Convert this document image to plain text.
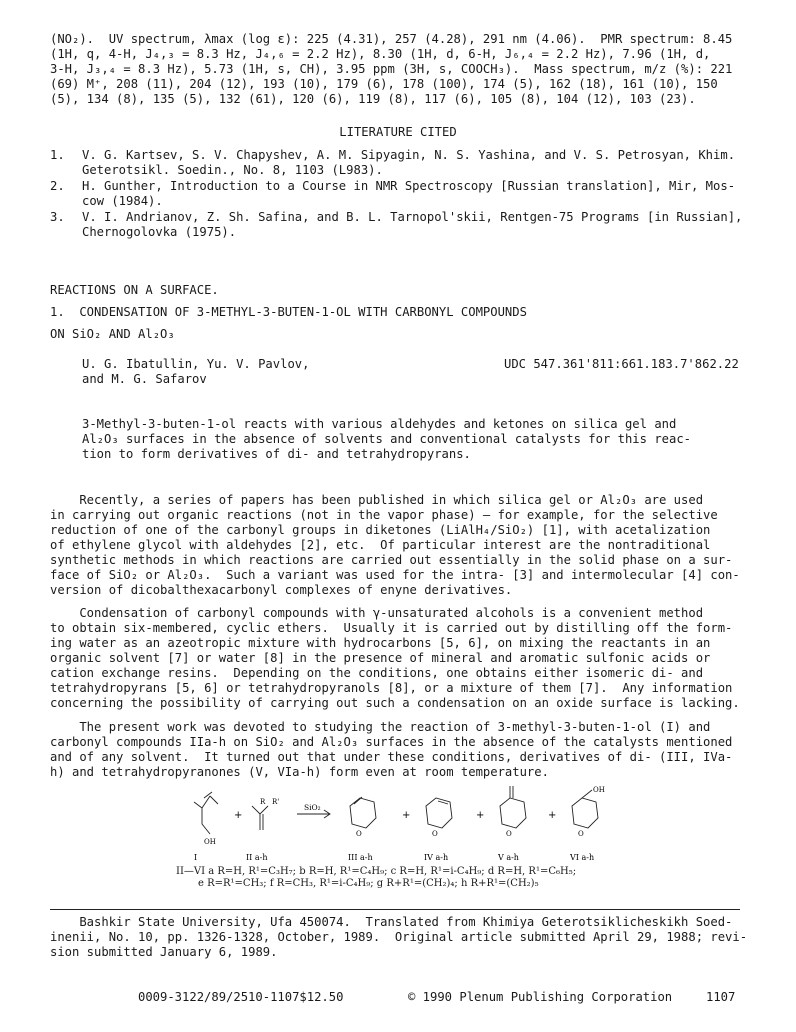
(NO₂).  UV spectrum, λmax (log ε): 225 (4.31), 257 (4.28), 291 nm (4.06).  PMR spectrum: 8.45
(1H, q, 4-H, J₄,₃ = 8.3 Hz, J₄,₆ = 2.2 Hz), 8.30 (1H, d, 6-H, J₆,₄ = 2.2 Hz), 7.96 (1H, d,
3-H, J₃,₄ = 8.3 Hz), 5.73 (1H, s, CH), 3.95 ppm (3H, s, COOCH₃).  Mass spectrum, m/z (%): 221
(69) M⁺, 208 (11), 204 (12), 193 (10), 179 (6), 178 (100), 174 (5), 162 (18), 161 (10), 150
(5), 134 (8), 135 (5), 132 (61), 120 (6), 119 (8), 117 (6), 105 (8), 104 (12), 103 (23).
LITERATURE CITED
1. V. G. Kartsev, S. V. Chapyshev, A. M. Sipyagin, N. S. Yashina, and V. S. Petrosyan, Khim.
Geterotsikl. Soedin., No. 8, 1103 (L983).
2. H. Gunther, Introduction to a Course in NMR Spectroscopy [Russian translation], Mir, Mos-
cow (1984).
3. V. I. Andrianov, Z. Sh. Safina, and B. L. Tarnopol'skii, Rentgen-75 Programs [in Russian],
Chernogolovka (1975).
REACTIONS ON A SURFACE.
1.  CONDENSATION OF 3-METHYL-3-BUTEN-1-OL WITH CARBONYL COMPOUNDS
ON SiO₂ AND Al₂O₃
U. G. Ibatullin, Yu. V. Pavlov,	UDC 547.361'811:661.183.7'862.22
and M. G. Safarov
3-Methyl-3-buten-1-ol reacts with various aldehydes and ketones on silica gel and
Al₂O₃ surfaces in the absence of solvents and conventional catalysts for this reac-
tion to form derivatives of di- and tetrahydropyrans.
Recently, a series of papers has been published in which silica gel or Al₂O₃ are used
in carrying out organic reactions (not in the vapor phase) — for example, for the selective
reduction of one of the carbonyl groups in diketones (LiAlH₄/SiO₂) [1], with acetalization
of ethylene glycol with aldehydes [2], etc.  Of particular interest are the nontraditional
synthetic methods in which reactions are carried out essentially in the solid phase on a sur-
face of SiO₂ or Al₂O₃.  Such a variant was used for the intra- [3] and intermolecular [4] con-
version of dicobalthexacarbonyl complexes of enyne derivatives.
Condensation of carbonyl compounds with γ-unsaturated alcohols is a convenient method
to obtain six-membered, cyclic ethers.  Usually it is carried out by distilling off the form-
ing water as an azeotropic mixture with hydrocarbons [5, 6], on mixing the reactants in an
organic solvent [7] or water [8] in the presence of mineral and aromatic sulfonic acids or
cation exchange resins.  Depending on the conditions, one obtains either isomeric di- and
tetrahydropyrans [5, 6] or tetrahydropyranols [8], or a mixture of them [7].  Any information
concerning the possibility of carrying out such a condensation on an oxide surface is lacking.
The present work was devoted to studying the reaction of 3-methyl-3-buten-1-ol (I) and
carbonyl compounds IIa-h on SiO₂ and Al₂O₃ surfaces in the absence of the catalysts mentioned
and of any solvent.  It turned out that under these conditions, derivatives of di- (III, IVa-
h) and tetrahydropyranones (V, VIa-h) form even at room temperature.
R R'
OH
SiO₂
+	+	+	+
O	O	O	O
OH
I	II a-h	III a-h	IV a-h	V a-h	VI a-h
II—VI a R=H, R¹=C₃H₇; b R=H, R¹=C₄H₉; c R=H, R¹=i-C₄H₉; d R=H, R¹=C₆H₅;
e R=R¹=CH₃; f R=CH₃, R¹=i-C₄H₉; g R+R¹=(CH₂)₄; h R+R¹=(CH₂)₅
Bashkir State University, Ufa 450074.  Translated from Khimiya Geterotsiklicheskikh Soed-
inenii, No. 10, pp. 1326-1328, October, 1989.  Original article submitted April 29, 1988; revi-
sion submitted January 6, 1989.
0009-3122/89/2510-1107$12.50	© 1990 Plenum Publishing Corporation	1107
